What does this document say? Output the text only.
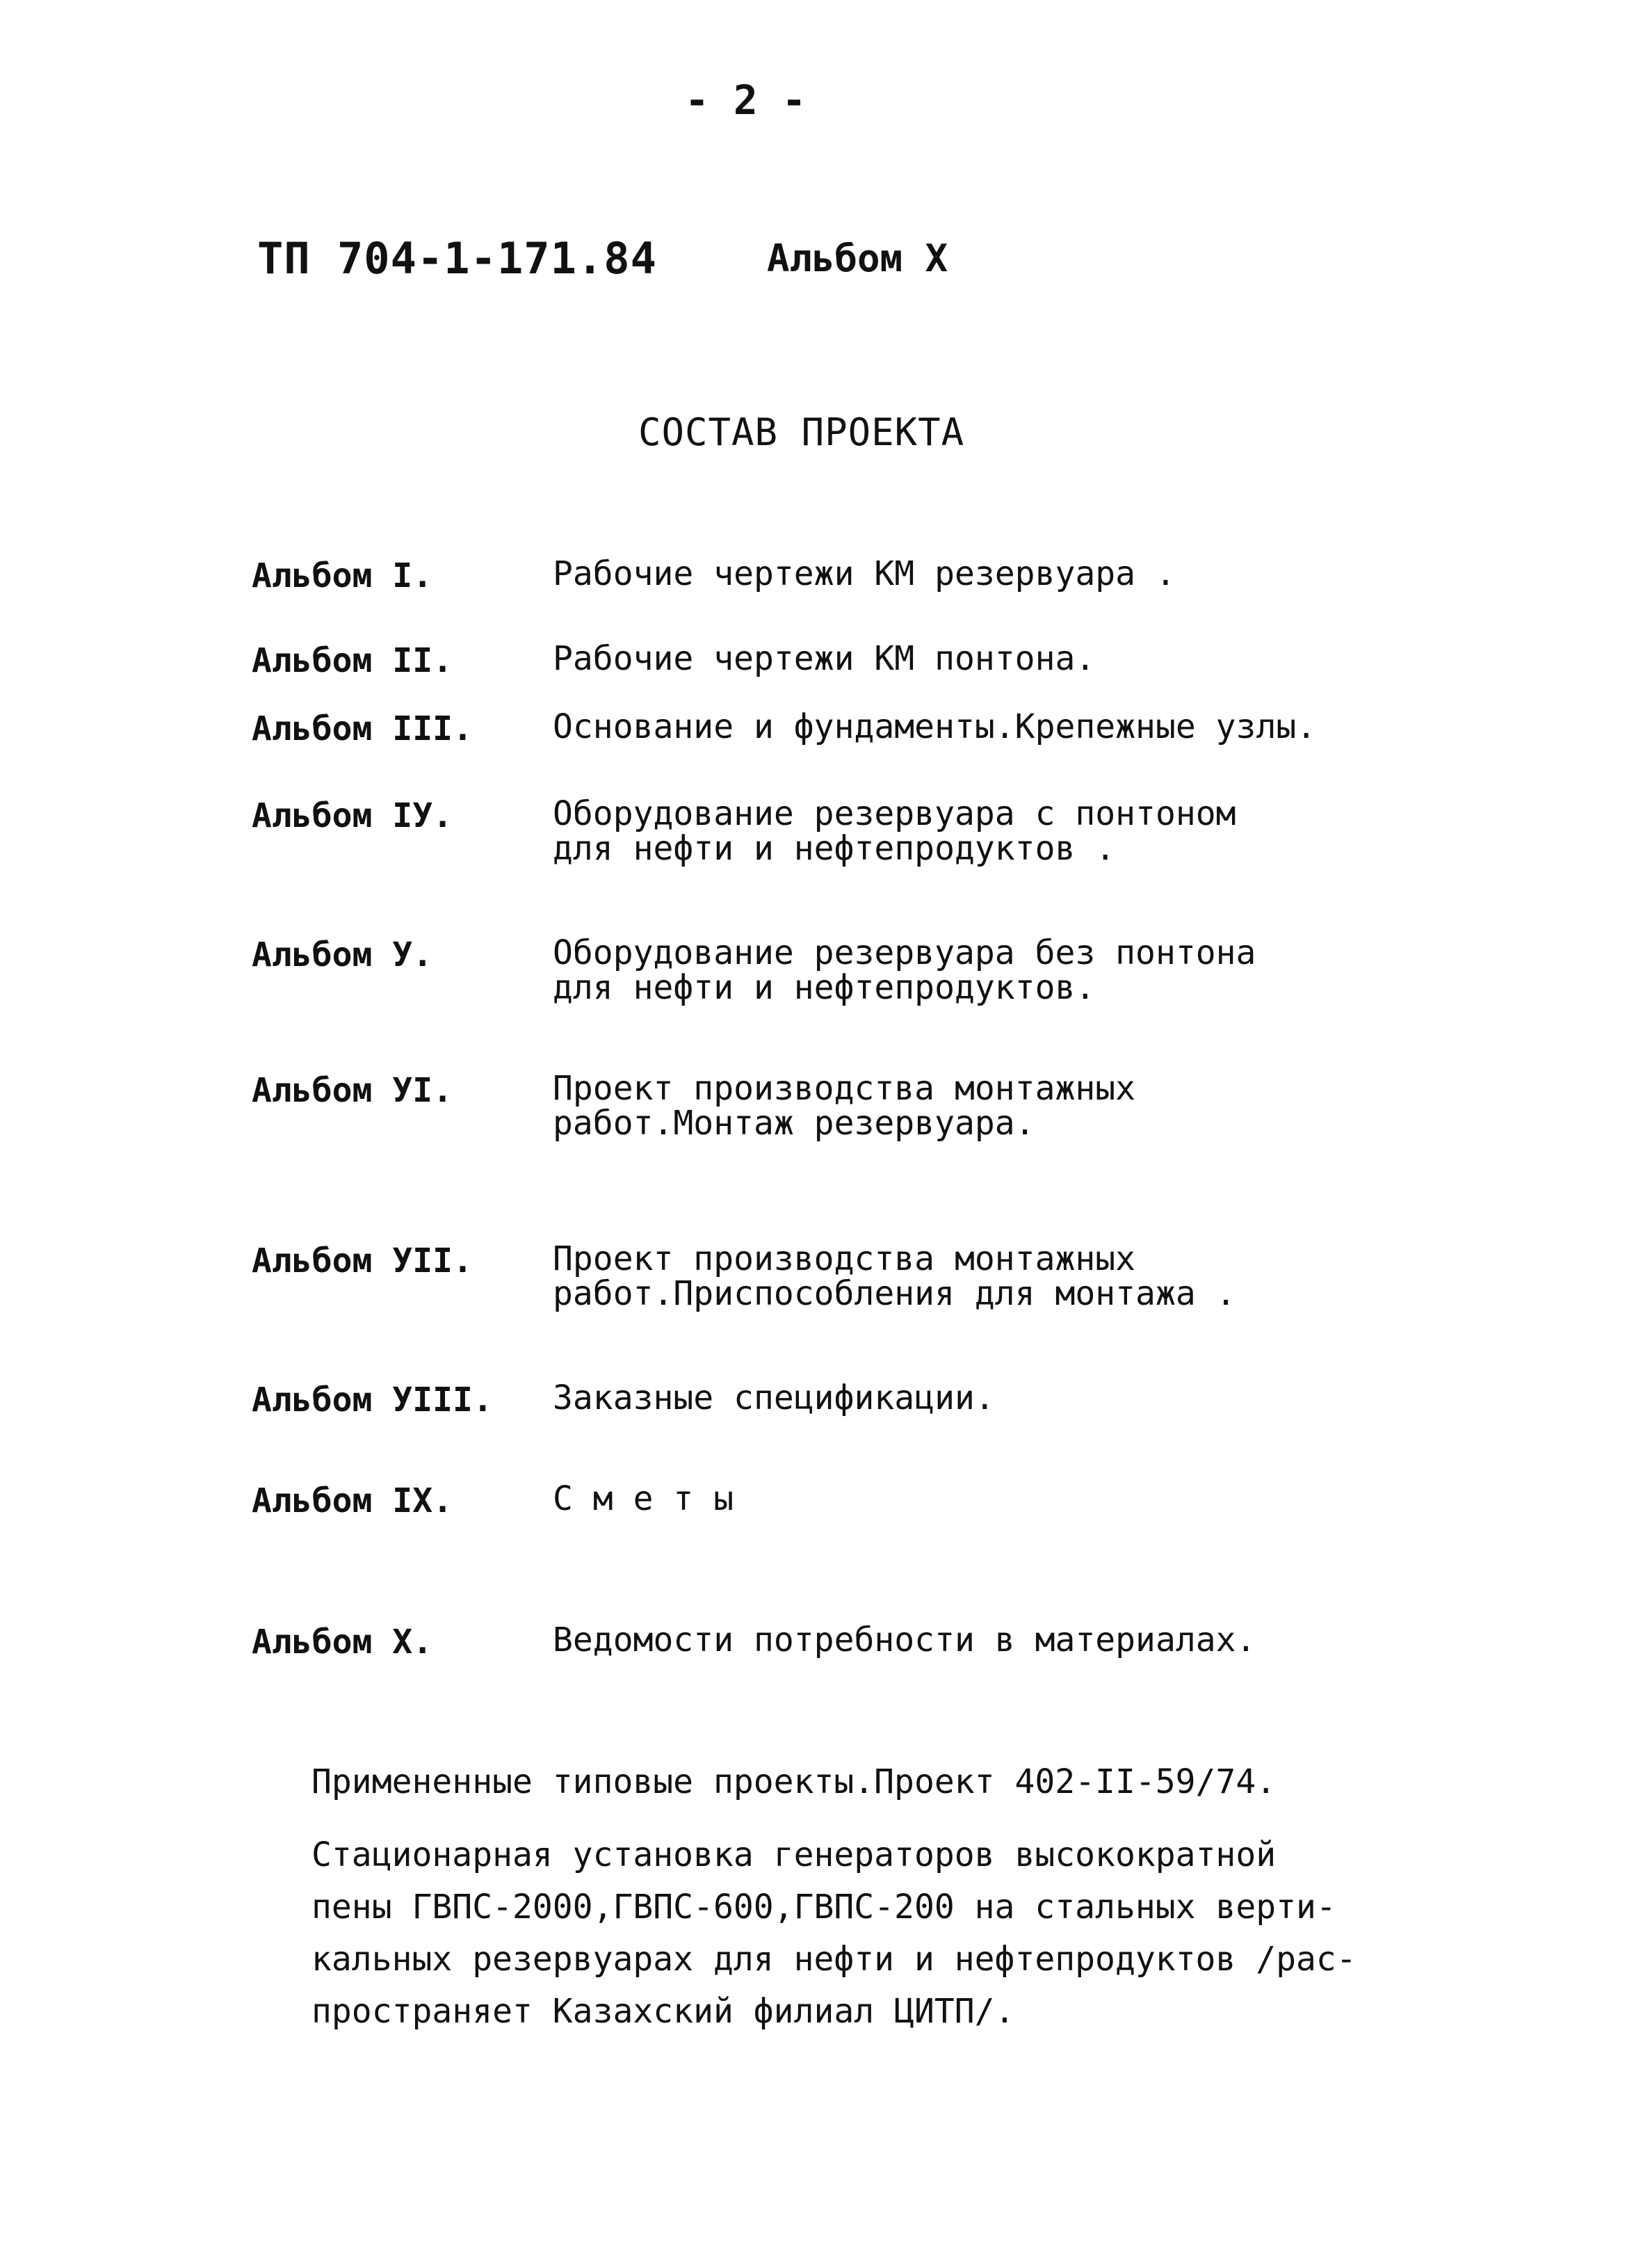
- 2 -
ТП 704-1-171.84	Альбом X
СОСТАВ ПРОЕКТА
Альбом I.	Рабочие чертежи КМ резервуара .
Альбом II.	Рабочие чертежи КМ понтона.
Альбом III. Основание и фундаменты.Крепежные узлы.
Альбом IУ.	Оборудование резервуара с понтоном
для нефти и нефтепродуктов .
Альбом У.	Оборудование резервуара без понтона
для нефти и нефтепродуктов.
Альбом УI.	Проект производства монтажных
работ.Монтаж резервуара.
Альбом УII. Проект производства монтажных
работ.Приспособления для монтажа .
Альбом УIII. Заказные спецификации.
Альбом IX.	С м е т ы
Альбом X.	Ведомости потребности в материалах.
Примененные типовые проекты.Проект 402-II-59/74.
Стационарная установка генераторов высокократной
пены ГВПС-2000,ГВПС-600,ГВПС-200 на стальных верти-
кальных резервуарах для нефти и нефтепродуктов /рас-
пространяет Казахский филиал ЦИТП/.
